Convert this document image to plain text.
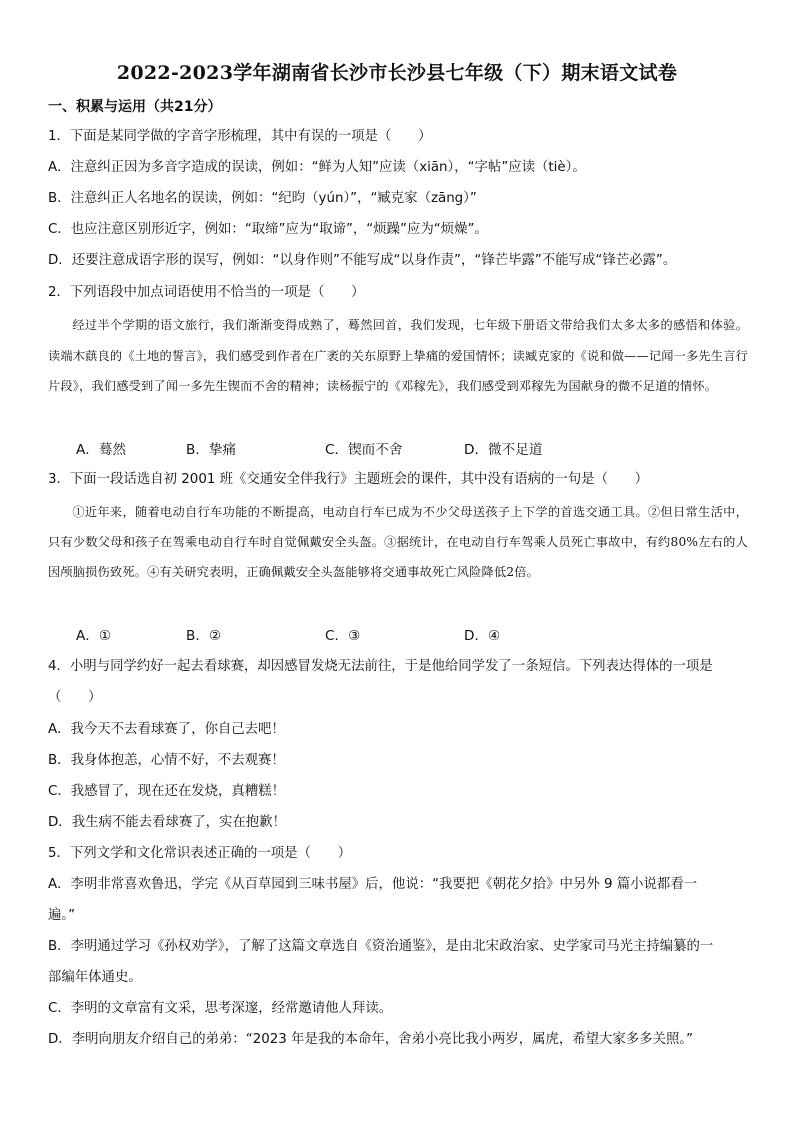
2022-2023学年湖南省长沙市长沙县七年级（下）期末语文试卷
一、积累与运用（共21分）
1．下面是某同学做的字音字形梳理，其中有误的一项是（　　）
A．注意纠正因为多音字造成的误读，例如：“鲜为人知”应读（xiān），“字帖”应读（tiè）。
B．注意纠正人名地名的误读，例如：“纪昀（yún）”，“臧克家（zāng）”
C．也应注意区别形近字，例如：“取缔”应为“取谛”，“烦躁”应为“烦燥”。
D．还要注意成语字形的误写，例如：“以身作则”不能写成“以身作责”，“锋芒毕露”不能写成“锋芒必露”。
2．下列语段中加点词语使用不恰当的一项是（　　）
经过半个学期的语文旅行，我们渐渐变得成熟了，蓦然回首，我们发现，七年级下册语文带给我们太多太多的感悟和体验。读端木蕻良的《土地的誓言》，我们感受到作者在广袤的关东原野上挚痛的爱国情怀；读臧克家的《说和做——记闻一多先生言行片段》，我们感受到了闻一多先生锲而不舍的精神；读杨振宁的《邓稼先》，我们感受到邓稼先为国献身的微不足道的情怀。
A．蓦然	B．挚痛	C．锲而不舍	D．微不足道
3．下面一段话选自初 2001 班《交通安全伴我行》主题班会的课件，其中没有语病的一句是（　　）
①近年来，随着电动自行车功能的不断提高，电动自行车已成为不少父母送孩子上下学的首选交通工具。②但日常生活中，只有少数父母和孩子在驾乘电动自行车时自觉佩戴安全头盔。③据统计，在电动自行车驾乘人员死亡事故中，有约80%左右的人因颅脑损伤致死。④有关研究表明，正确佩戴安全头盔能够将交通事故死亡风险降低2倍。
A．①	B．②	C．③	D．④
4．小明与同学约好一起去看球赛，却因感冒发烧无法前往，于是他给同学发了一条短信。下列表达得体的一项是
（　　）
A．我今天不去看球赛了，你自己去吧！
B．我身体抱恙，心情不好，不去观赛！
C．我感冒了，现在还在发烧，真糟糕！
D．我生病不能去看球赛了，实在抱歉！
5．下列文学和文化常识表述正确的一项是（　　）
A．李明非常喜欢鲁迅，学完《从百草园到三味书屋》后，他说：“我要把《朝花夕拾》中另外 9 篇小说都看一
遍。”
B．李明通过学习《孙权劝学》，了解了这篇文章选自《资治通鉴》，是由北宋政治家、史学家司马光主持编纂的一
部编年体通史。
C．李明的文章富有文采，思考深邃，经常邀请他人拜读。
D．李明向朋友介绍自己的弟弟：“2023 年是我的本命年，舍弟小亮比我小两岁，属虎，希望大家多多关照。”
